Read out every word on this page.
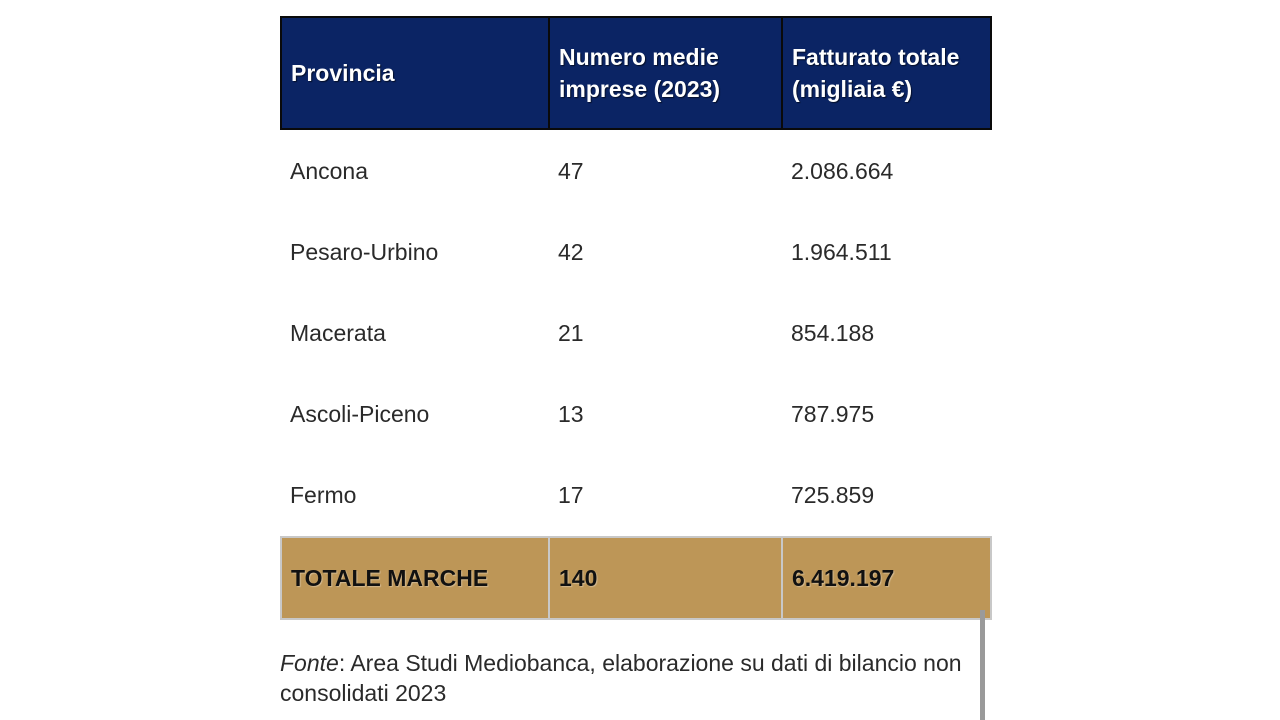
Provincia	Numero medie imprese (2023)	Fatturato totale (migliaia €)
Ancona	47	2.086.664
Pesaro-Urbino	42	1.964.511
Macerata	21	854.188
Ascoli-Piceno	13	787.975
Fermo	17	725.859
TOTALE MARCHE	140	6.419.197
Fonte: Area Studi Mediobanca, elaborazione su dati di bilancio non consolidati 2023
